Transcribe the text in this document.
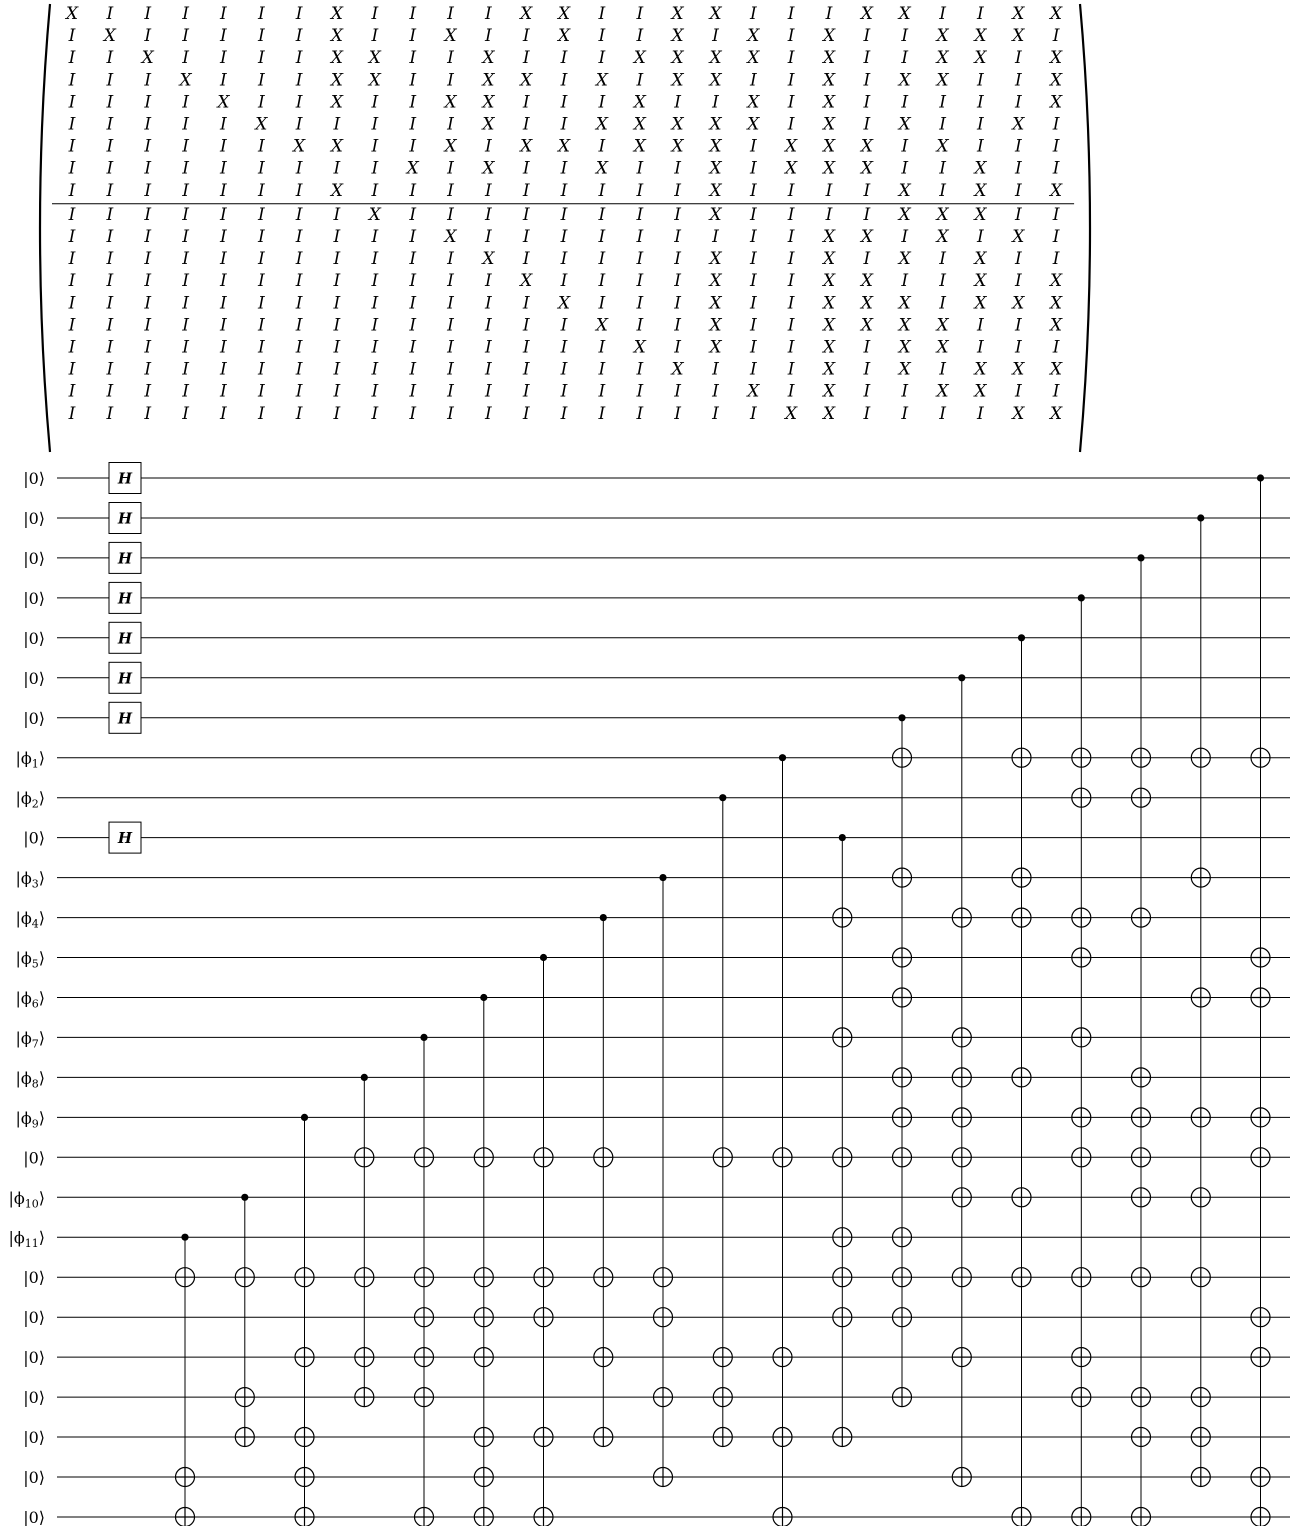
X I I I I I I X I I I I X X I I X X I I I X X I I X X
I X I I I I I X I I X I I X I I X I X I X I I X X X I
I I X I I I I X X I I X I I I X X X X I X I I X X I X
I I I X I I I X X I I X X I X I X X I I X I X X I I X
I I I I X I I X I I X X I I I X I I X I X I I I I I X
I I I I I X I I I I I X I I X X X X X I X I X I I X I
I I I I I I X X I I X I X X I X X X I X X X I X I I I
I I I I I I I I I X I X I I X I I X I X X X I I X I I
I I I I I I I X I I I I I I I I I X I I I I X I X I X
I I I I I I I I X I I I I I I I I X I I I I X X X I I
I I I I I I I I I I X I I I I I I I I I X X I X I X I
I I I I I I I I I I I X I I I I I X I I X I X I X I I
I I I I I I I I I I I I X I I I I X I I X X I I X I X
I I I I I I I I I I I I I X I I I X I I X X X I X X X
I I I I I I I I I I I I I I X I I X I I X X X X I I X
I I I I I I I I I I I I I I I X I X I I X I X X I I I
I I I I I I I I I I I I I I I I X I I I X I X I X X X
I I I I I I I I I I I I I I I I I I X I X I I X X I I
I I I I I I I I I I I I I I I I I I I X X I I I I X X
|0⟩	H
|0⟩	H
|0⟩	H
|0⟩	H
|0⟩	H
|0⟩	H
|0⟩	H
$|\phi_1⟩$
$|\phi_2⟩$
|0⟩	H
$|\phi_3⟩$
$|\phi_4⟩$
$|\phi_5⟩$
$|\phi_6⟩$
$|\phi_7⟩$
$|\phi_8⟩$
$|\phi_9⟩$
|0⟩
$|\phi_{10}⟩$
$|\phi_{11}⟩$
|0⟩
|0⟩
|0⟩
|0⟩
|0⟩
|0⟩
|0⟩
